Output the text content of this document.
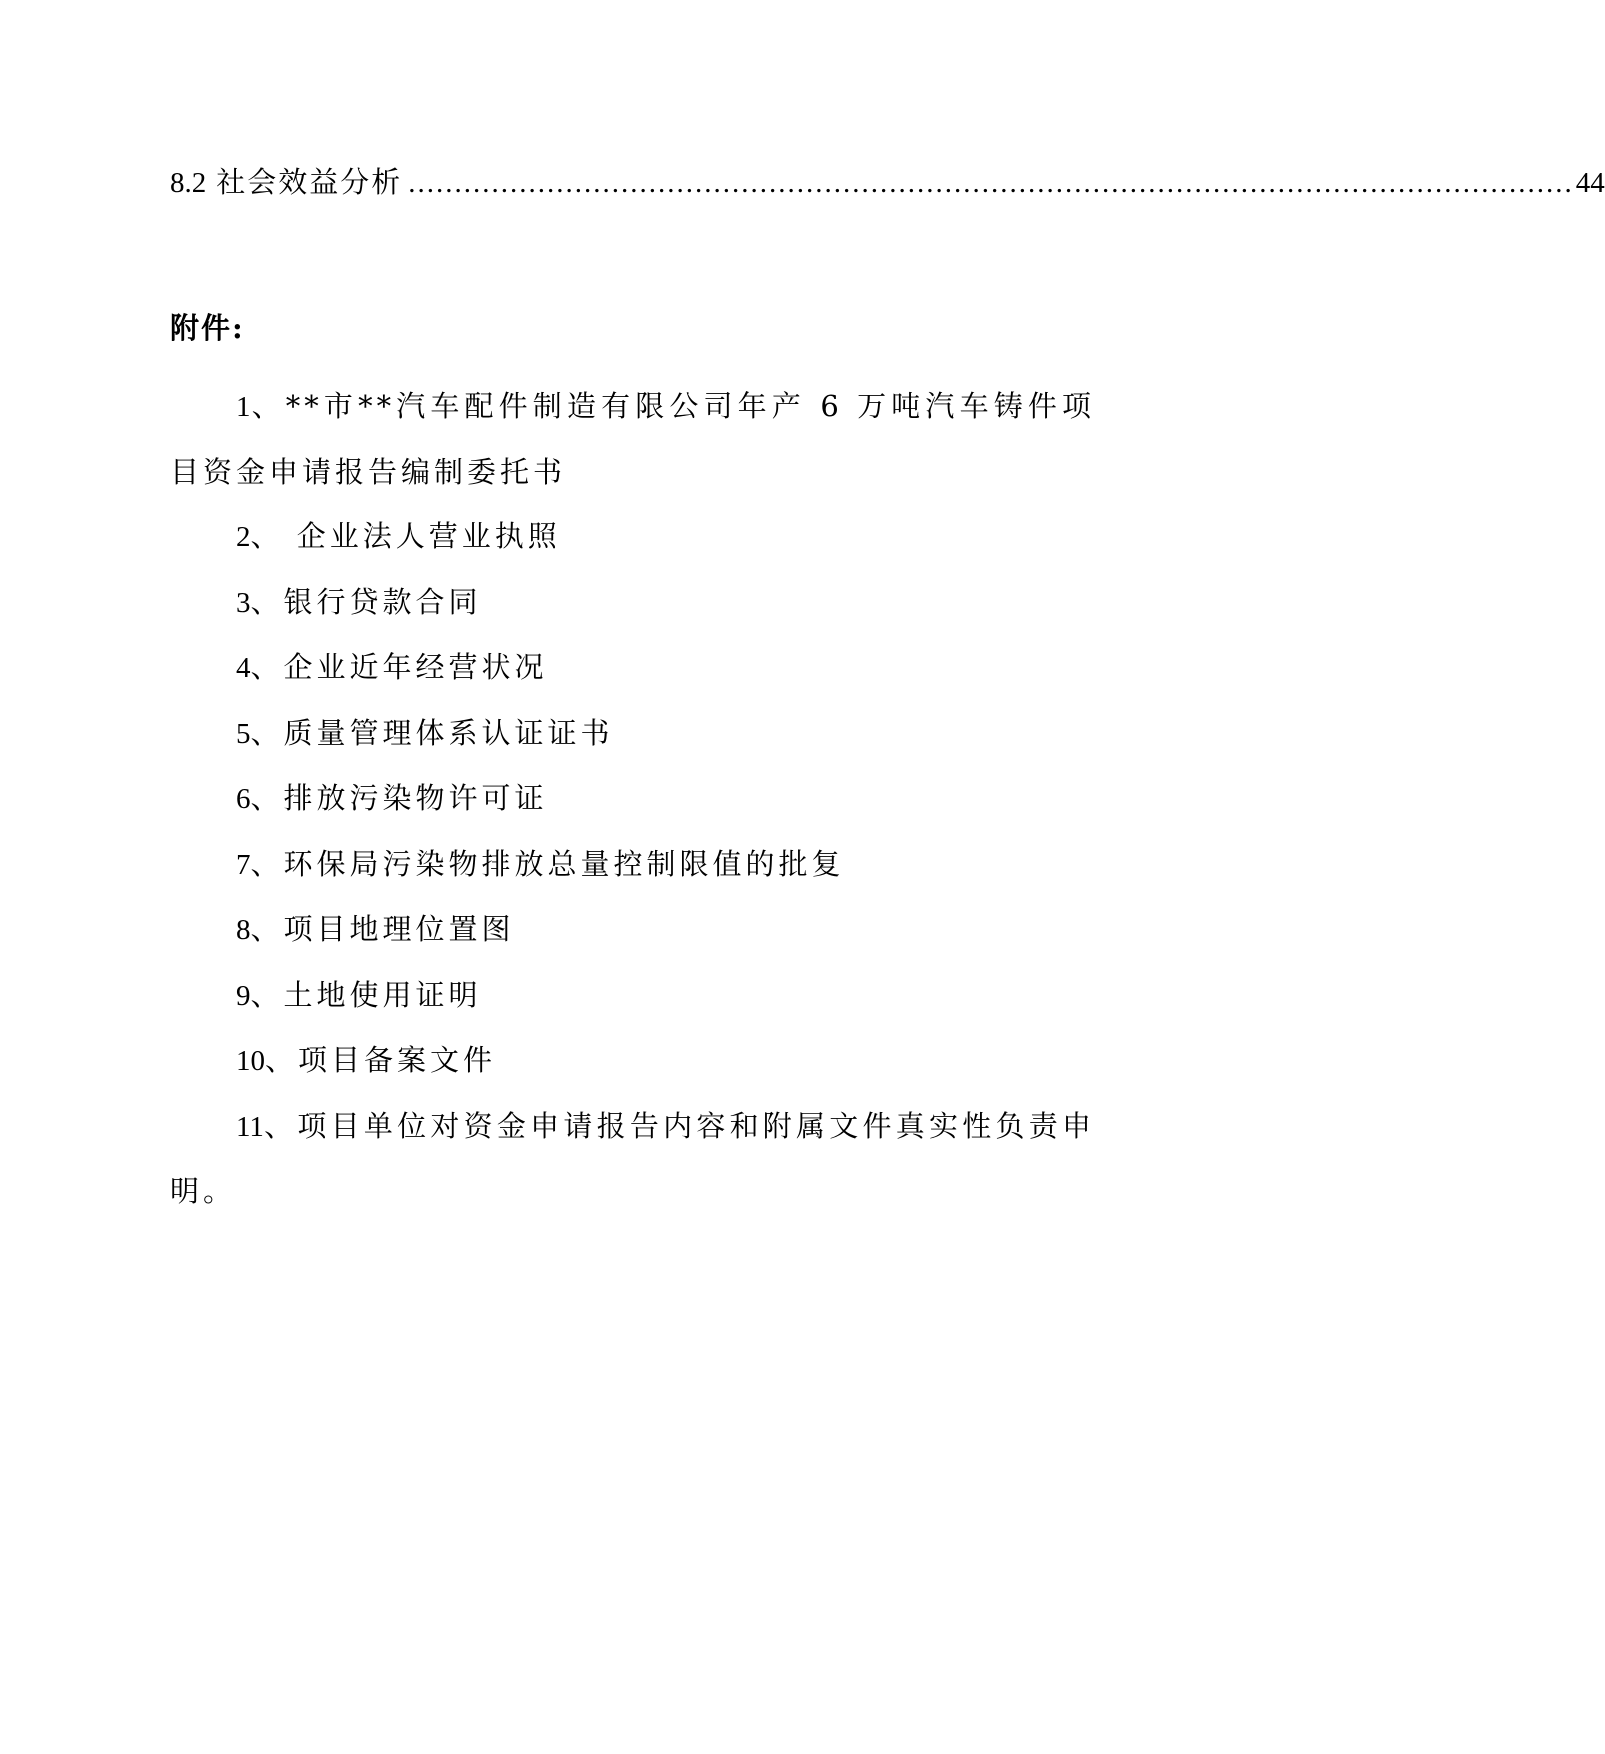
8.2 社会效益分析 .............................................................................................................................. 44
附件:

1、**市**汽车配件制造有限公司年产 6 万吨汽车铸件项目资金申请报告编制委托书

2、 企业法人营业执照

3、银行贷款合同

4、企业近年经营状况

5、质量管理体系认证证书

6、排放污染物许可证

7、环保局污染物排放总量控制限值的批复

8、项目地理位置图

9、土地使用证明

10、项目备案文件

11、项目单位对资金申请报告内容和附属文件真实性负责申明。
